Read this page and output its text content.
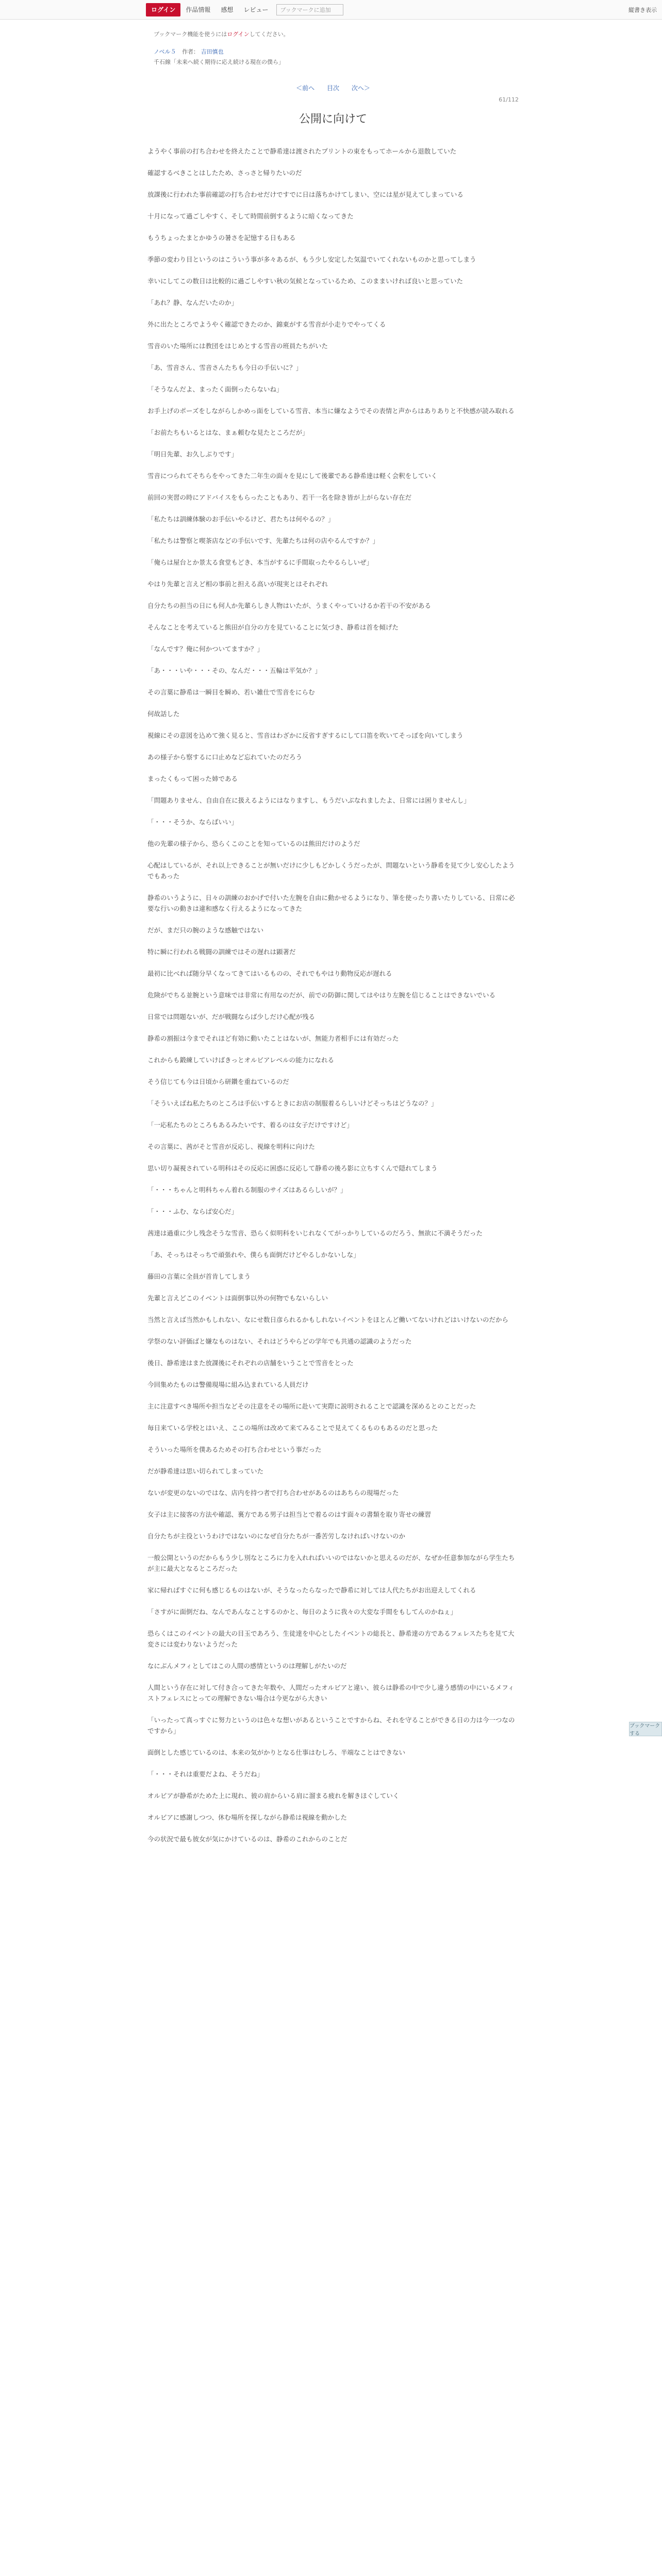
ログイン	作品情報	感想	レビュー	ブックマークに追加	縦書き表示
ブックマーク機能を使うにはログインしてください。
ノベル５ 作者： 吉田慎也
千石線「未来へ続く期待に応え続ける現在の僕ら」
＜前へ 目次 次へ＞
61/112
公開に向けて

ようやく事前の打ち合わせを終えたことで静希達は渡されたプリントの束をもってホールから退散していた

確認するべきことはしたため、さっさと帰りたいのだ

放課後に行われた事前確認の打ち合わせだけですでに日は落ちかけてしまい、空には星が見えてしまっている

十月になって過ごしやすく、そして時間前倒するように暗くなってきた

もうちょったまとかゆうの暑さを記憶する日もある

季節の変わり目というのはこういう事が多々あるが、もう少し安定した気温でいてくれないものかと思ってしまう

幸いにしてこの数日は比較的に過ごしやすい秋の気候となっているため、このままいければ良いと思っていた

「あれ？静、なんだいたのか」

外に出たところでようやく確認できたのか、錦東がする雪音が小走りでやってくる

雪音のいた場所には教団をはじめとする雪音の班員たちがいた

「あ、雪音さん、雪音さんたちも今日の手伝いに？」

「そうなんだよ、まったく面倒ったらないね」

お手上げのポーズをしながらしかめっ面をしている雪音、本当に嫌なようでその表情と声からはありありと不快感が読み取れる

「お前たちもいるとはな、まぁ頼むな見たところだが」

「明日先輩、お久しぶりです」

雪音につられてそちらをやってきた二年生の面々を見にして後輩である静希達は軽く会釈をしていく

前回の実習の時にアドバイスをもらったこともあり、若干一名を除き皆が上がらない存在だ

「私たちは訓練体験のお手伝いやるけど、君たちは何やるの？」

「私たちは警察と喫茶店などの手伝いです、先輩たちは何の店やるんですか？」

「俺らは屋台とか景太る食堂もどき、本当がするに手間取ったやるらしいぜ」

やはり先輩と言えど相の事前と担える高いが現実とはそれぞれ

自分たちの担当の日にも何人か先輩らしき人物はいたが、うまくやっていけるか若干の不安がある

そんなことを考えていると熊田が自分の方を見ていることに気づき、静希は首を傾げた

「なんです？俺に何かついてますか？」

「あ・・・いや・・・その、なんだ・・・五輪は平気か？」

その言葉に静希は一瞬目を瞬め、若い雑仕で雪音をにらむ

何故話した

視線にその意図を込めて強く見ると、雪音はわざかに反省すぎするにして口笛を吹いてそっぽを向いてしまう

あの様子から察するに口止めなど忘れていたのだろう

まったくもって困った姉である

「問題ありません、自由自在に扱えるようにはなりますし、もうだいぶなれましたよ、日常には困りませんし」

「・・・そうか、ならばいい」

他の先輩の様子から、恐らくこのことを知っているのは熊田だけのようだ

心配はしているが、それ以上できることが無いだけに少しもどかしくうだったが、問題ないという静希を見て少し安心したようでもあった

静希のいうように、日々の訓練のおかげで付いた左腕を自由に動かせるようになり、筆を使ったり書いたりしている、日常に必要な行いの動きは違和感なく行えるようになってきた

だが、まだ只の腕のような感触ではない

特に瞬に行われる戦闘の訓練ではその遅れは顕著だ

最初に比べれば随分早くなってきてはいるものの、それでもやはり動物反応が遅れる

危険がでちる並腕という意味では非常に有用なのだが、前での防御に関してはやはり左腕を信じることはできないでいる

日常では問題ないが、だが戦闘ならば少しだけ心配が残る

静希の割振は今までそれほど有効に動いたことはないが、無能力者相手には有効だった

これからも鍛練していけばきっとオルビアレベルの能力になれる

そう信じても今は日頃から研鑽を重ねているのだ

「そういえばね私たちのところは手伝いするときにお店の制服着るらしいけどそっちはどうなの？」

「一応私たちのところもあるみたいです、着るのは女子だけですけど」

その言葉に、茜がそと雪音が反応し、視線を明科に向けた

思い切り凝視されている明科はその反応に困惑に反応して静希の後ろ影に立ちすくんで隠れてしまう

「・・・ちゃんと明科ちゃん着れる制服のサイズはあるらしいが？」

「・・・ふむ、ならば安心だ」

茜達は過重に少し残念そうな雪音、恐らく似明科をいじれなくてがっかりしているのだろう、無欲に不満そうだった

「あ、そっちはそっちで頑張れや、僕らも面倒だけどやるしかないしな」

藤田の言葉に全員が首肯してしまう

先輩と言えどこのイベントは面倒事以外の何物でもないらしい

当然と言えば当然かもしれない、なにせ数日彦られるかもしれないイベントをほとんど働いてないけれどはいけないのだから

学祭のない評価ばと嫌なものはない、それはどうやらどの学年でも共通の認識のようだった

後日、静希達はまた放課後にそれぞれの店舗をいうことで雪音をとった

今回集めたものは警備現場に組み込まれている人員だけ

主に注意すべき場所や担当などその注意をその場所に赴いて実際に説明されることで認識を深めるとのことだった

毎日来ている学校とはいえ、ここの場所は改めて来てみることで見えてくるものもあるのだと思った

そういった場所を僕あるためその打ち合わせという事だった

だが静希達は思い切られてしまっていた

ないが変更のないのではな、店内を持つ者で打ち合わせがあるのはあちらの現場だった

女子は主に接客の方法や確認、裏方である男子は担当とで着るのはす面々の書類を取り寄せの練習

自分たちが主役というわけではないのになぜ自分たちが一番苦労しなければいけないのか

一般公開というのだからもう少し別なところに力を入れればいいのではないかと思えるのだが、なぜか任意参加ながら学生たちが主に最大となるところだった

家に帰ればすぐに何も感じるものはないが、そうなったらなったで静希に対しては人代たちがお出迎えしてくれる

「さすがに面倒だね、なんであんなことするのかと、毎日のように我々の大変な手間をもしてんのかねぇ」

恐らくはこのイベントの最大の目玉であろう、生徒達を中心としたイベントの総長と、静希達の方であるフェレスたちを見て大変さには変わりないようだった

なにぶんメフィとしてはこの人間の感情というのは理解しがたいのだ

人間という存在に対して付き合ってきた年数や、人間だったオルビアと違い、彼らは静希の中で少し違う感情の中にいるメフィストフェレスにとっての理解できない場合は今更ながら大きい

「いったって真っすぐに努力というのは色々な想いがあるということですからね、それを守ることができる日の力は今一つなのですから」

面倒とした感じているのは、本来の気がかりとなる仕事はむしろ、半端なことはできない

「・・・それは重要だよね、そうだね」

オルビアが静希がためた上に現れ、彼の肩からいる肩に溜まる疲れを解きほぐしていく

オルビアに感謝しつつ、休む場所を探しながら静希は視線を動かした

今の状況で最も彼女が気にかけているのは、静希のこれからのことだ

ブックマークする
